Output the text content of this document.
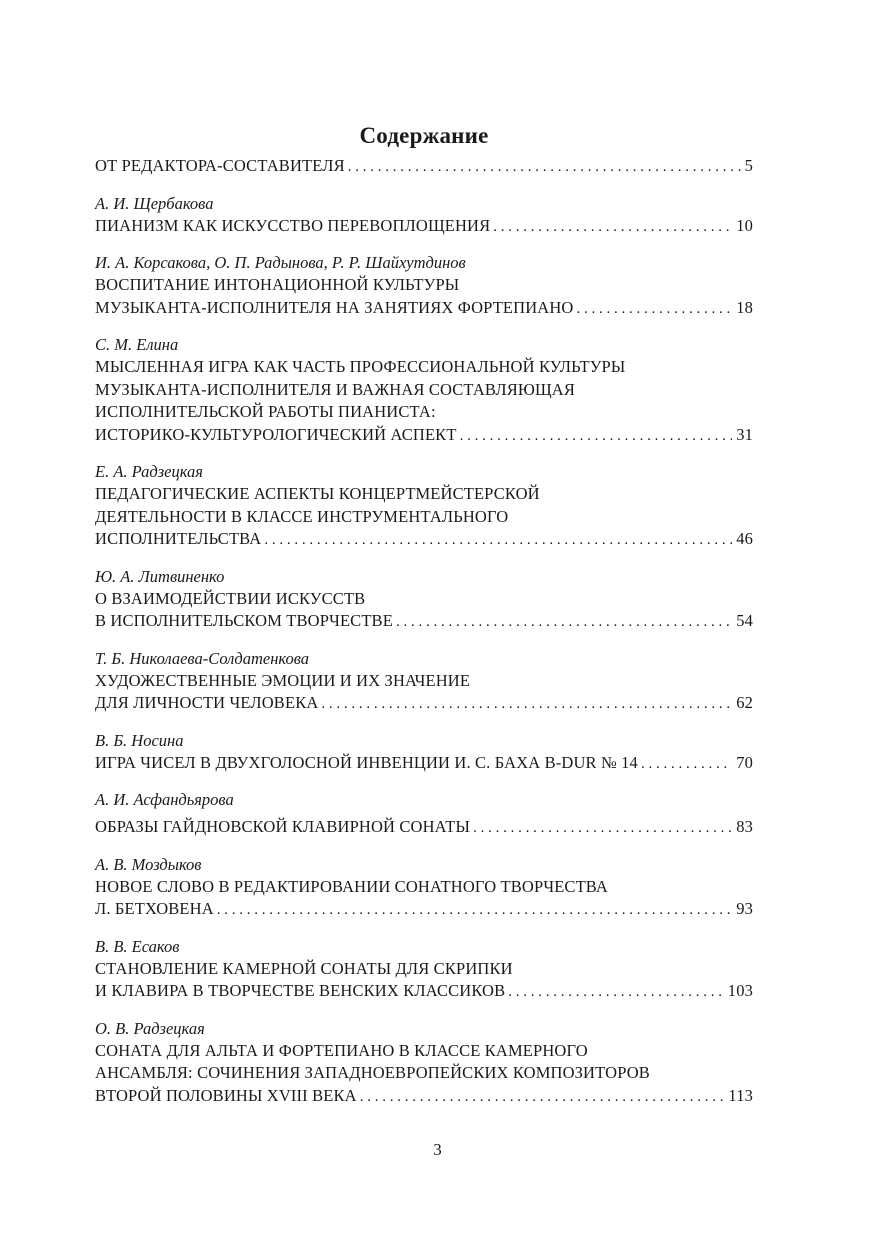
Содержание
ОТ РЕДАКТОРА-СОСТАВИТЕЛЯ . . .	5
А. И. Щербакова
ПИАНИЗМ КАК ИСКУССТВО ПЕРЕВОПЛОЩЕНИЯ . . .	10
И. А. Корсакова, О. П. Радынова, Р. Р. Шайхутдинов
ВОСПИТАНИЕ ИНТОНАЦИОННОЙ КУЛЬТУРЫ
МУЗЫКАНТА-ИСПОЛНИТЕЛЯ НА ЗАНЯТИЯХ ФОРТЕПИАНО . . .	18
С. М. Елина
МЫСЛЕННАЯ ИГРА КАК ЧАСТЬ ПРОФЕССИОНАЛЬНОЙ КУЛЬТУРЫ
МУЗЫКАНТА-ИСПОЛНИТЕЛЯ И ВАЖНАЯ СОСТАВЛЯЮЩАЯ
ИСПОЛНИТЕЛЬСКОЙ РАБОТЫ ПИАНИСТА:
ИСТОРИКО-КУЛЬТУРОЛОГИЧЕСКИЙ АСПЕКТ . . .	31
Е. А. Радзецкая
ПЕДАГОГИЧЕСКИЕ АСПЕКТЫ КОНЦЕРТМЕЙСТЕРСКОЙ
ДЕЯТЕЛЬНОСТИ В КЛАССЕ ИНСТРУМЕНТАЛЬНОГО
ИСПОЛНИТЕЛЬСТВА . . .	46
Ю. А. Литвиненко
О ВЗАИМОДЕЙСТВИИ ИСКУССТВ
В ИСПОЛНИТЕЛЬСКОМ ТВОРЧЕСТВЕ . . .	54
Т. Б. Николаева-Солдатенкова
ХУДОЖЕСТВЕННЫЕ ЭМОЦИИ И ИХ ЗНАЧЕНИЕ
ДЛЯ ЛИЧНОСТИ ЧЕЛОВЕКА . . .	62
В. Б. Носина
ИГРА ЧИСЕЛ В ДВУХГОЛОСНОЙ ИНВЕНЦИИ И. С. БАХА B-DUR № 14 . . .	70
А. И. Асфандьярова
ОБРАЗЫ ГАЙДНОВСКОЙ КЛАВИРНОЙ СОНАТЫ . . .	83
А. В. Моздыков
НОВОЕ СЛОВО В РЕДАКТИРОВАНИИ СОНАТНОГО ТВОРЧЕСТВА
Л. БЕТХОВЕНА . . .	93
В. В. Есаков
СТАНОВЛЕНИЕ КАМЕРНОЙ СОНАТЫ ДЛЯ СКРИПКИ
И КЛАВИРА В ТВОРЧЕСТВЕ ВЕНСКИХ КЛАССИКОВ . . .	103
О. В. Радзецкая
СОНАТА ДЛЯ АЛЬТА И ФОРТЕПИАНО В КЛАССЕ КАМЕРНОГО
АНСАМБЛЯ: СОЧИНЕНИЯ ЗАПАДНОЕВРОПЕЙСКИХ КОМПОЗИТОРОВ
ВТОРОЙ ПОЛОВИНЫ XVIII ВЕКА . . .	113
3
